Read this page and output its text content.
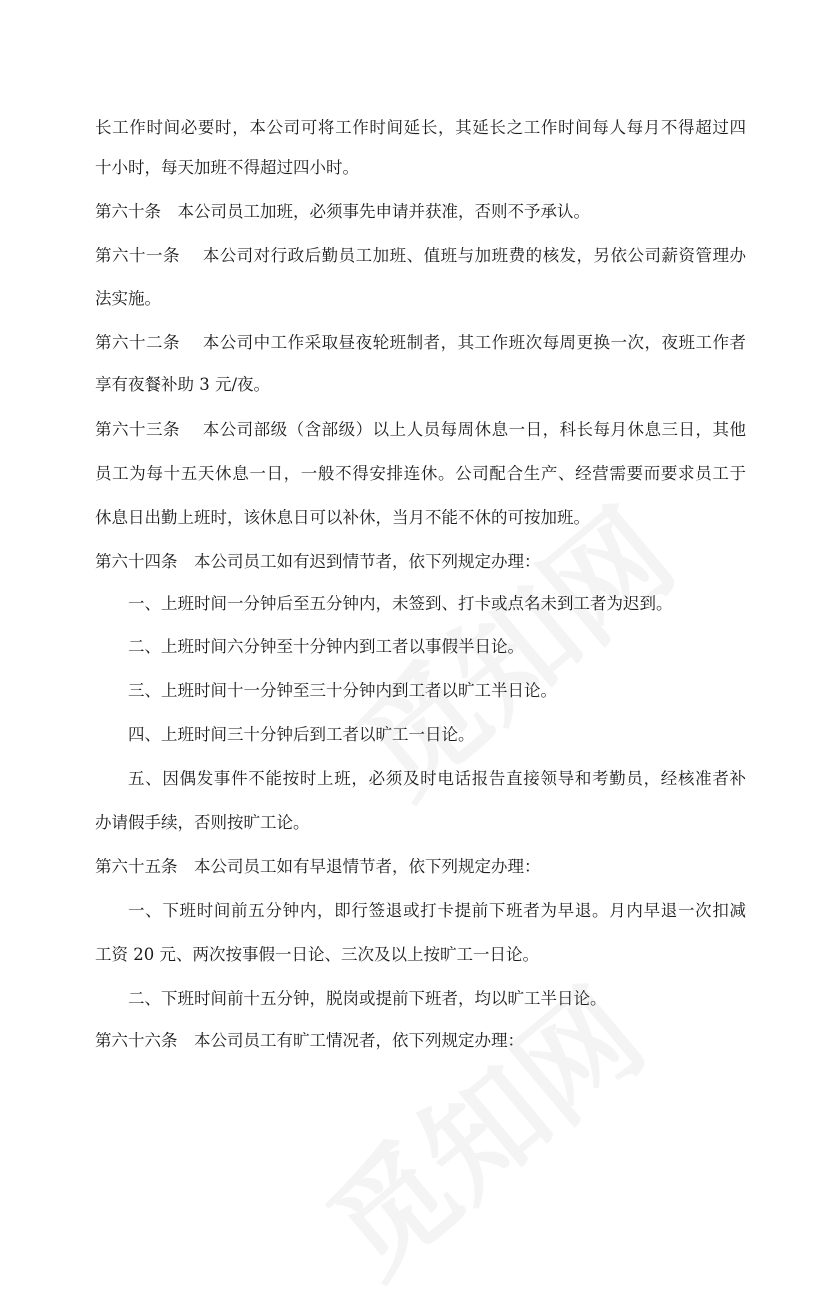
长工作时间必要时，本公司可将工作时间延长，其延长之工作时间每人每月不得超过四
十小时，每天加班不得超过四小时。
第六十条　本公司员工加班，必须事先申请并获准，否则不予承认。
第六十一条　 本公司对行政后勤员工加班、值班与加班费的核发，另依公司薪资管理办
法实施。
第六十二条　 本公司中工作采取昼夜轮班制者，其工作班次每周更换一次，夜班工作者
享有夜餐补助 3 元/夜。
第六十三条　 本公司部级（含部级）以上人员每周休息一日，科长每月休息三日，其他
员工为每十五天休息一日，一般不得安排连休。公司配合生产、经营需要而要求员工于
休息日出勤上班时，该休息日可以补休，当月不能不休的可按加班。
第六十四条　本公司员工如有迟到情节者，依下列规定办理：
一、上班时间一分钟后至五分钟内，未签到、打卡或点名未到工者为迟到。
二、上班时间六分钟至十分钟内到工者以事假半日论。
三、上班时间十一分钟至三十分钟内到工者以旷工半日论。
四、上班时间三十分钟后到工者以旷工一日论。
五、因偶发事件不能按时上班，必须及时电话报告直接领导和考勤员，经核准者补
办请假手续，否则按旷工论。
第六十五条　本公司员工如有早退情节者，依下列规定办理：
一、下班时间前五分钟内，即行签退或打卡提前下班者为早退。月内早退一次扣减
工资 20 元、两次按事假一日论、三次及以上按旷工一日论。
二、下班时间前十五分钟，脱岗或提前下班者，均以旷工半日论。
第六十六条　本公司员工有旷工情况者，依下列规定办理：
